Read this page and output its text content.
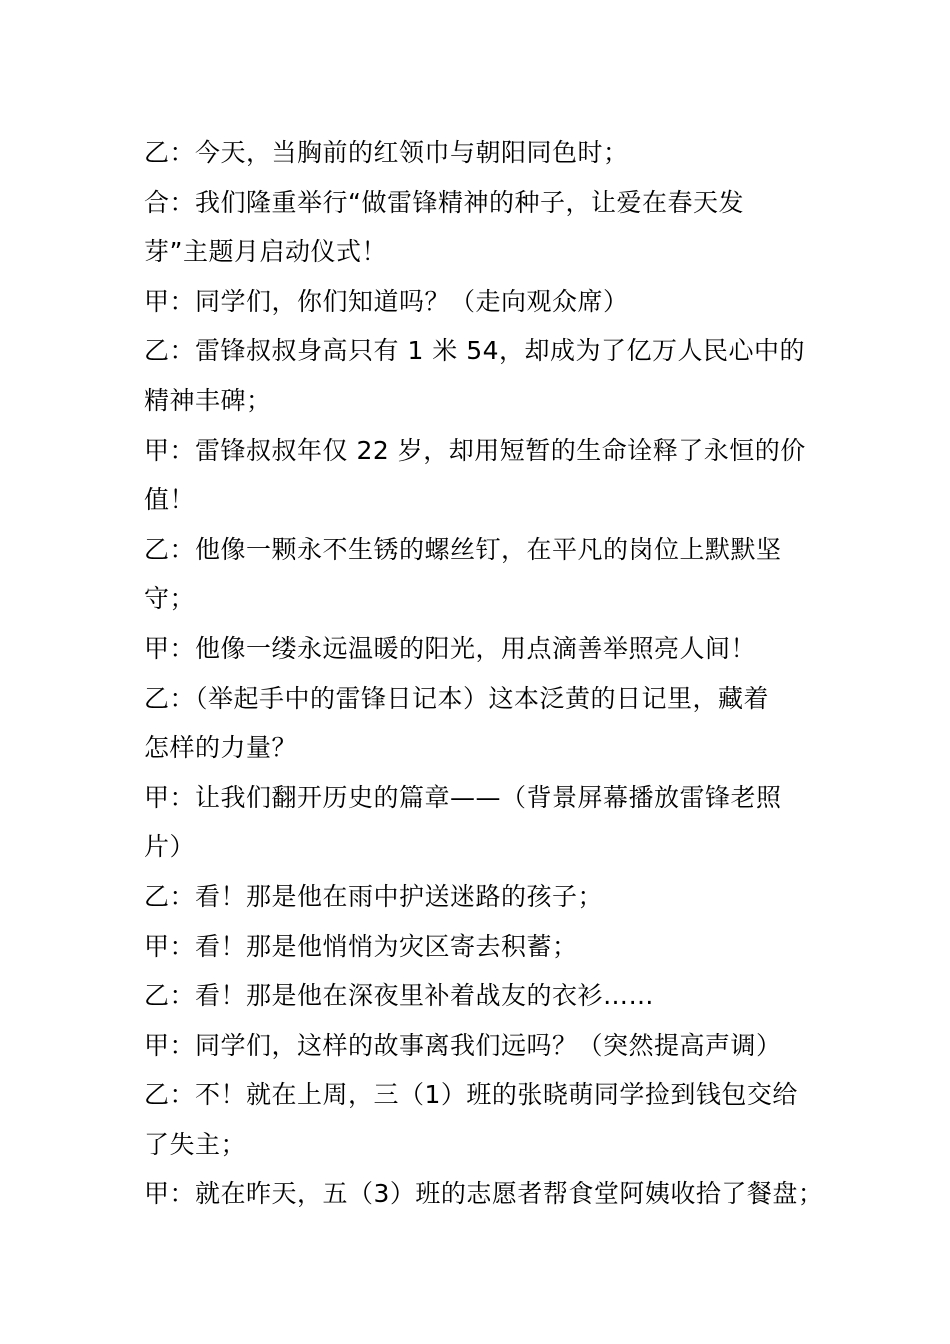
乙：今天，当胸前的红领巾与朝阳同色时；

合：我们隆重举行“做雷锋精神的种子，让爱在春天发

芽”主题月启动仪式！

甲：同学们，你们知道吗？（走向观众席）

乙：雷锋叔叔身高只有 1 米 54，却成为了亿万人民心中的

精神丰碑；

甲：雷锋叔叔年仅 22 岁，却用短暂的生命诠释了永恒的价

值！

乙：他像一颗永不生锈的螺丝钉，在平凡的岗位上默默坚

守；

甲：他像一缕永远温暖的阳光，用点滴善举照亮人间！

乙：（举起手中的雷锋日记本）这本泛黄的日记里，藏着

怎样的力量？

甲：让我们翻开历史的篇章——（背景屏幕播放雷锋老照

片）

乙：看！那是他在雨中护送迷路的孩子；

甲：看！那是他悄悄为灾区寄去积蓄；

乙：看！那是他在深夜里补着战友的衣衫……

甲：同学们，这样的故事离我们远吗？（突然提高声调）

乙：不！就在上周，三（1）班的张晓萌同学捡到钱包交给

了失主；

甲：就在昨天，五（3）班的志愿者帮食堂阿姨收拾了餐盘；
